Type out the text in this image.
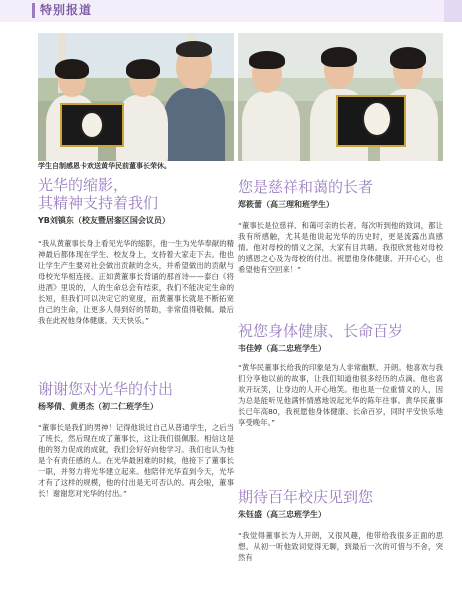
特别报道
学生自制感恩卡欢送黄华民前董事长荣休。
光华的缩影，
其精神支持着我们
YB刘镇东（校友暨居銮区国会议员）
“我从黄董事长身上看见光华的缩影，他一生为光华奉献的精神最后都体现在学生、校友身上，支持着大家走下去。他也让学生产生要对社会做出贡献的念头，并希望做出的贡献与母校光华相连接。正如黄董事长背诵的那首诗——泰白《将进酒》里说的，人的生命总会有结束，我们不能决定生命的长短，但我们可以决定它的宽度，而黄董事长就是不断拓宽自己的生命，让更多人得到好的帮助，非常值得敬佩。最后我在此祝他身体健康、天天快乐。”
谢谢您对光华的付出
杨琴倩、黄勇杰（初二仁班学生）
“董事长是我们的男神！记得他说过自己从普通学生，之后当了班长，然后现在成了董事长，这让我们很佩服。相信这是他的努力促成的成就，我们会好好向他学习。我们也认为他是个有责任感的人。在光华最困难的时候，他接下了董事长一职，并努力将光华建立起来。他陪伴光华直到今天，光华才有了这样的规模，他的付出是无可否认的。再会啦，董事长！谢谢您对光华的付出。”
您是慈祥和蔼的长者
郑筱蕾（高三理和班学生）
“董事长是位慈祥、和蔼可亲的长者。每次听到他的致词，都让我有所感触，尤其是他说起光华的历史时，更是流露出真感情。他对母校的情义之深，大家有目共睹。我很欣赏他对母校的感恩之心及为母校的付出。祝愿他身体健康、开开心心，也希望他有空回来！”
祝您身体健康、长命百岁
韦佳婷（高二忠班学生）
“黄华民董事长给我的印象是为人非常幽默、开朗。他喜欢与我们分享他以前的故事，让我们知道他很多经历的点滴。他也喜欢开玩笑，让身边的人开心地笑。他也是一位重情义的人，因为总是能听见他满怀情感地说起光华的陈年往事。黄华民董事长已年高80，我祝愿他身体健康、长命百岁，同时平安快乐地享受晚年。”
期待百年校庆见到您
朱钰盛（高三忠班学生）
“我觉得董事长为人开朗，又很风趣，他带给我很多正面的思想。从初一听他致词觉得无聊，到最后一次的可惜与不舍，突然有
